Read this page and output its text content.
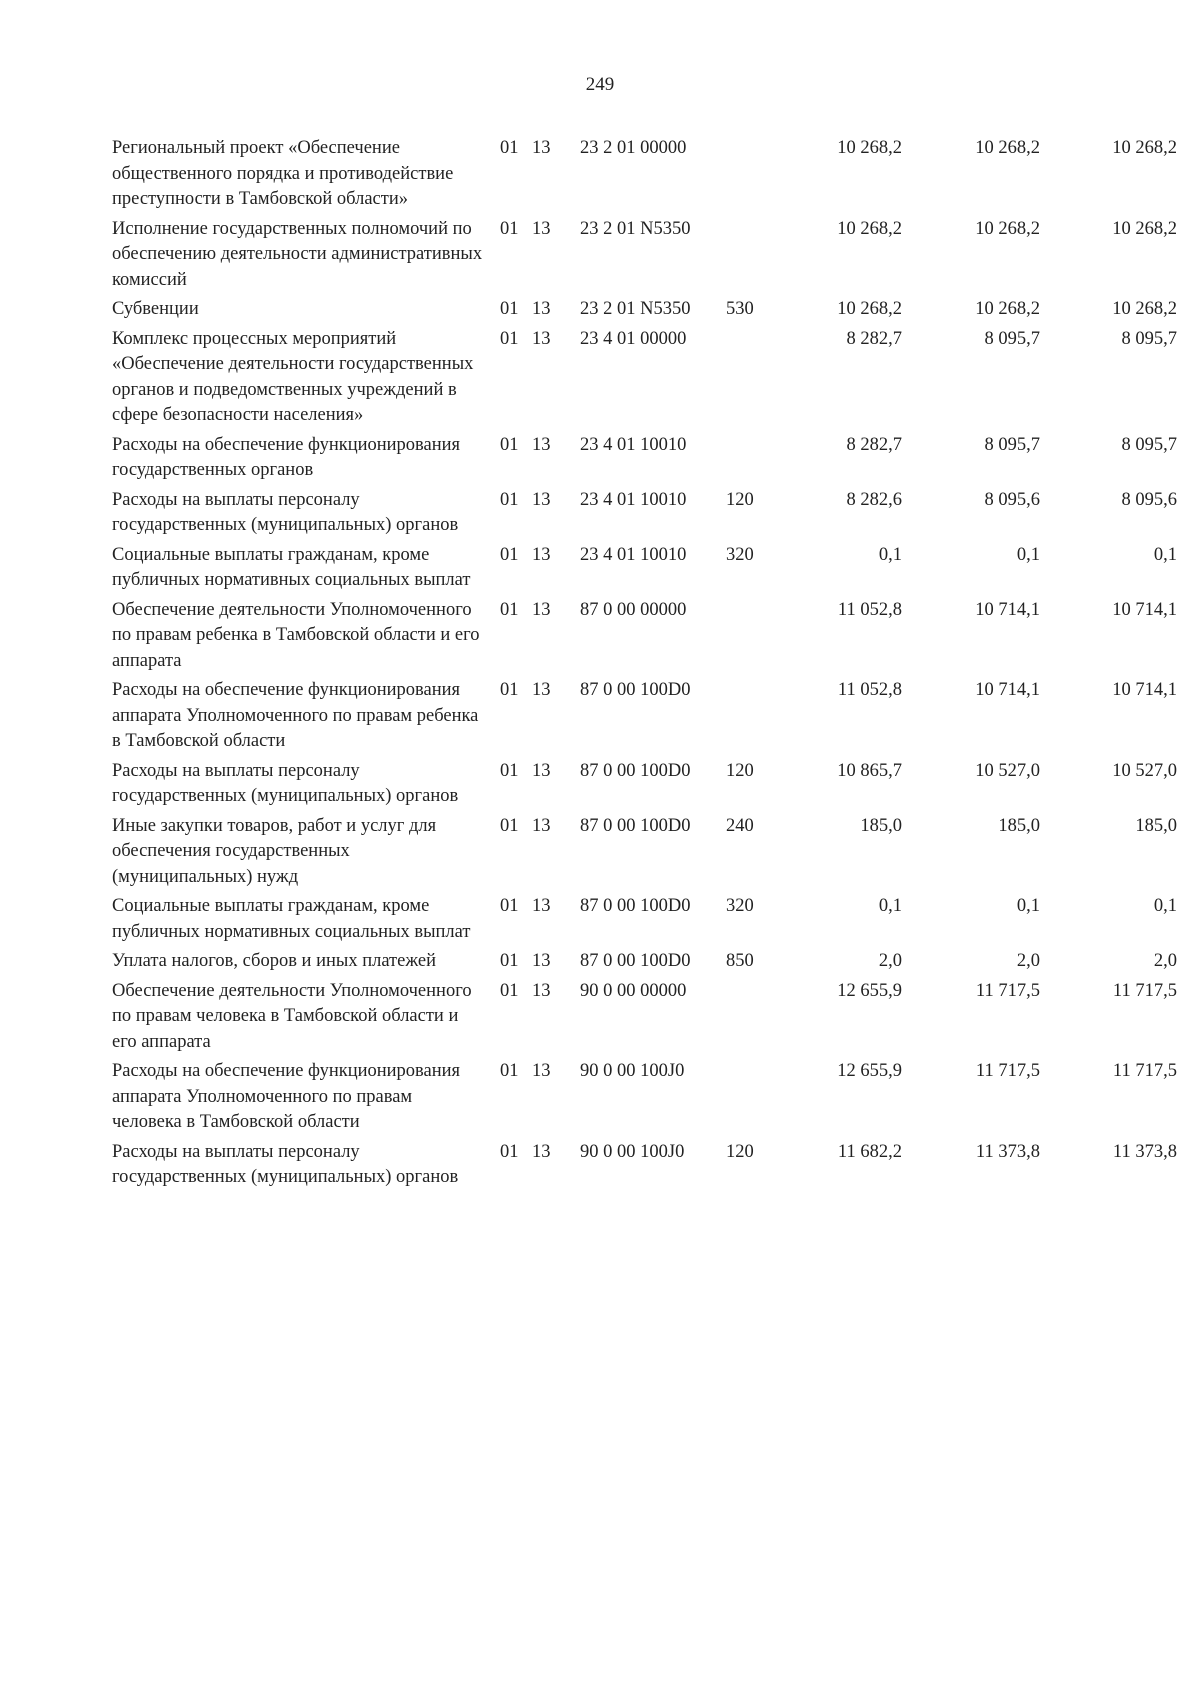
249
Региональный проект «Обеспечение общественного порядка и противодействие преступности в Тамбовской области»
01 13 23 2 01 00000	10 268,2	10 268,2	10 268,2
Исполнение государственных полномочий по обеспечению деятельности административных комиссий
01 13 23 2 01 N5350	10 268,2	10 268,2	10 268,2
Субвенции	01 13 23 2 01 N5350 530	10 268,2	10 268,2	10 268,2
Комплекс процессных мероприятий «Обеспечение деятельности государственных органов и подведомственных учреждений в сфере безопасности населения»
01 13 23 4 01 00000	8 282,7	8 095,7	8 095,7
Расходы на обеспечение функционирования государственных органов
01 13 23 4 01 10010	8 282,7	8 095,7	8 095,7
Расходы на выплаты персоналу государственных (муниципальных) органов
01 13 23 4 01 10010 120	8 282,6	8 095,6	8 095,6
Социальные выплаты гражданам, кроме публичных нормативных социальных выплат
01 13 23 4 01 10010 320	0,1	0,1	0,1
Обеспечение деятельности Уполномоченного по правам ребенка в Тамбовской области и его аппарата
01 13 87 0 00 00000	11 052,8	10 714,1	10 714,1
Расходы на обеспечение функционирования аппарата Уполномоченного по правам ребенка в Тамбовской области
01 13 87 0 00 100D0	11 052,8	10 714,1	10 714,1
Расходы на выплаты персоналу государственных (муниципальных) органов
01 13 87 0 00 100D0 120	10 865,7	10 527,0	10 527,0
Иные закупки товаров, работ и услуг для обеспечения государственных (муниципальных) нужд
01 13 87 0 00 100D0 240	185,0	185,0	185,0
Социальные выплаты гражданам, кроме публичных нормативных социальных выплат
01 13 87 0 00 100D0 320	0,1	0,1	0,1
Уплата налогов, сборов и иных платежей	01 13 87 0 00 100D0 850	2,0	2,0	2,0
Обеспечение деятельности Уполномоченного по правам человека в Тамбовской области и его аппарата
01 13 90 0 00 00000	12 655,9	11 717,5	11 717,5
Расходы на обеспечение функционирования аппарата Уполномоченного по правам человека в Тамбовской области
01 13 90 0 00 100J0	12 655,9	11 717,5	11 717,5
Расходы на выплаты персоналу государственных (муниципальных) органов
01 13 90 0 00 100J0 120	11 682,2	11 373,8	11 373,8
